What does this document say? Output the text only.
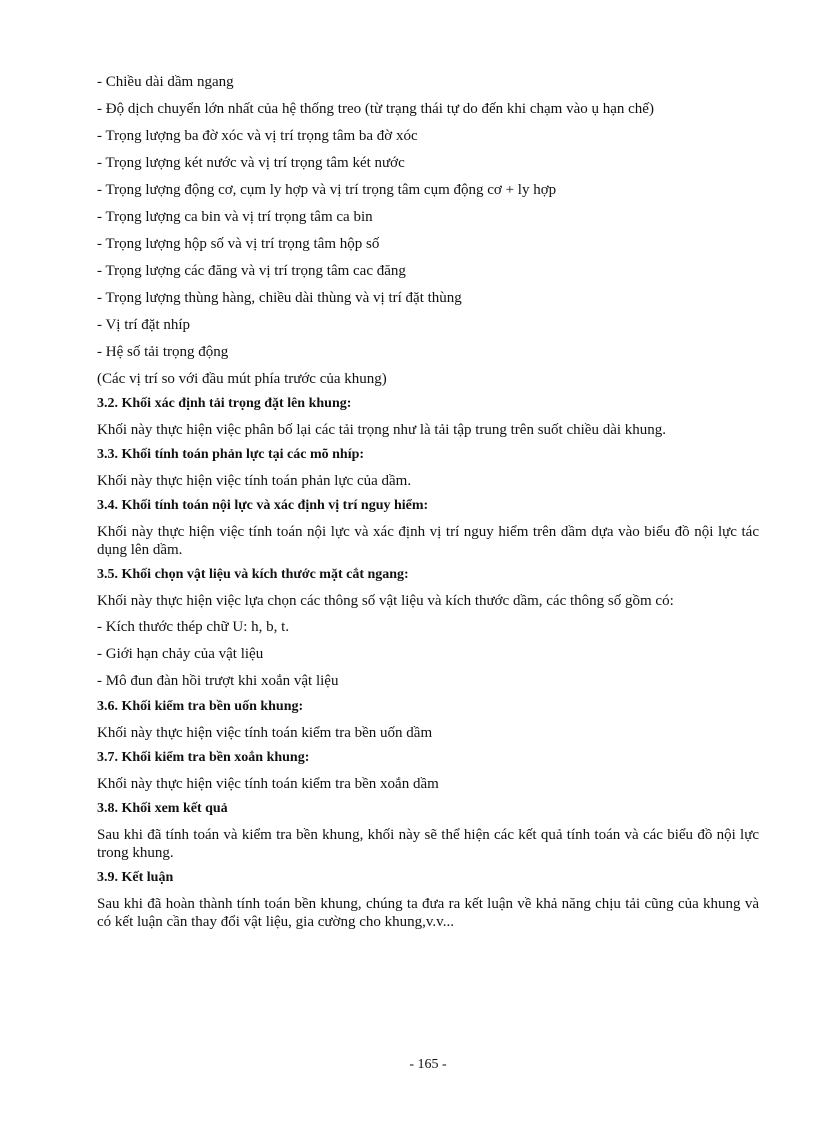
- Chiều dài dầm ngang
- Độ dịch chuyển lớn nhất của hệ thống treo (từ trạng thái tự do đến khi chạm vào ụ hạn chế)
- Trọng lượng ba đờ xóc và vị trí trọng tâm ba đờ xóc
- Trọng lượng két nước và vị trí trọng tâm két nước
- Trọng lượng động cơ, cụm ly hợp và vị trí trọng tâm cụm động cơ + ly hợp
- Trọng lượng ca bin và vị trí trọng tâm ca bin
- Trọng lượng hộp số và vị trí trọng tâm hộp số
- Trọng lượng các đăng và vị trí trọng tâm cac đăng
- Trọng lượng thùng hàng, chiều dài thùng và vị trí đặt thùng
- Vị trí đặt nhíp
- Hệ số tải trọng động
(Các vị trí so với đầu mút phía trước của khung)
3.2. Khối xác định tải trọng đặt lên khung:
Khối này thực hiện việc phân bố lại các tải trọng như là tải tập trung trên suốt chiều dài khung.
3.3. Khối tính toán phản lực tại các mõ nhíp:
Khối này thực hiện việc tính toán phản lực của dầm.
3.4. Khối tính toán nội lực và xác định vị trí nguy hiểm:
Khối này thực hiện việc tính toán nội lực và xác định vị trí nguy hiểm trên dầm dựa vào biểu đồ nội lực tác dụng lên dầm.
3.5. Khối chọn vật liệu và kích thước mặt cắt ngang:
Khối này thực hiện việc lựa chọn các thông số vật liệu và kích thước dầm, các thông số gồm có:
- Kích thước thép chữ U: h, b, t.
- Giới hạn chảy của vật liệu
- Mô đun đàn hồi trượt khi xoắn vật liệu
3.6. Khối kiểm tra bền uốn khung:
Khối này thực hiện việc tính toán kiểm tra bền uốn dầm
3.7. Khối kiểm tra bền xoắn khung:
Khối này thực hiện việc tính toán kiểm tra bền xoắn dầm
3.8. Khối xem kết quả
Sau khi đã tính toán và kiểm tra bền khung, khối này sẽ thể hiện các kết quả tính toán và các biểu đồ nội lực trong khung.
3.9. Kết luận
Sau khi đã hoàn thành tính toán bền khung, chúng ta đưa ra kết luận về khả năng chịu tải cũng của khung và có kết luận cần thay đổi vật liệu, gia cường cho khung,v.v...
- 165 -
